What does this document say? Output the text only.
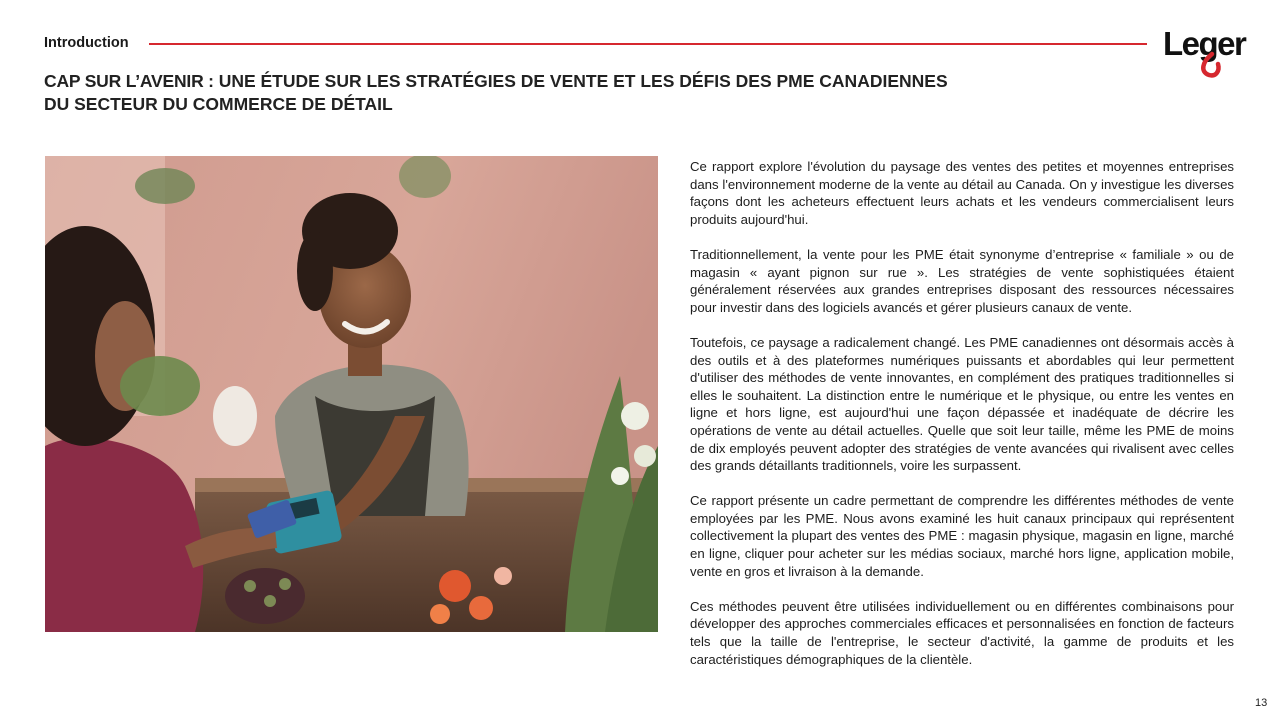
Introduction	Leger
CAP SUR L’AVENIR : UNE ÉTUDE SUR LES STRATÉGIES DE VENTE ET LES DÉFIS DES PME CANADIENNES DU SECTEUR DU COMMERCE DE DÉTAIL

Ce rapport explore l'évolution du paysage des ventes des petites et moyennes entreprises dans l'environnement moderne de la vente au détail au Canada. On y investigue les diverses façons dont les acheteurs effectuent leurs achats et les vendeurs commercialisent leurs produits aujourd'hui.

Traditionnellement, la vente pour les PME était synonyme d’entreprise « familiale » ou de magasin « ayant pignon sur rue ». Les stratégies de vente sophistiquées étaient généralement réservées aux grandes entreprises disposant des ressources nécessaires pour investir dans des logiciels avancés et gérer plusieurs canaux de vente.

Toutefois, ce paysage a radicalement changé. Les PME canadiennes ont désormais accès à des outils et à des plateformes numériques puissants et abordables qui leur permettent d'utiliser des méthodes de vente innovantes, en complément des pratiques traditionnelles si elles le souhaitent. La distinction entre le numérique et le physique, ou entre les ventes en ligne et hors ligne, est aujourd'hui une façon dépassée et inadéquate de décrire les opérations de vente au détail actuelles. Quelle que soit leur taille, même les PME de moins de dix employés peuvent adopter des stratégies de vente avancées qui rivalisent avec celles des grands détaillants traditionnels, voire les surpassent.

Ce rapport présente un cadre permettant de comprendre les différentes méthodes de vente employées par les PME. Nous avons examiné les huit canaux principaux qui représentent collectivement la plupart des ventes des PME : magasin physique, magasin en ligne, marché en ligne, cliquer pour acheter sur les médias sociaux, marché hors ligne, application mobile, vente en gros et livraison à la demande.

Ces méthodes peuvent être utilisées individuellement ou en différentes combinaisons pour développer des approches commerciales efficaces et personnalisées en fonction de facteurs tels que la taille de l'entreprise, le secteur d'activité, la gamme de produits et les caractéristiques démographiques de la clientèle.

13
